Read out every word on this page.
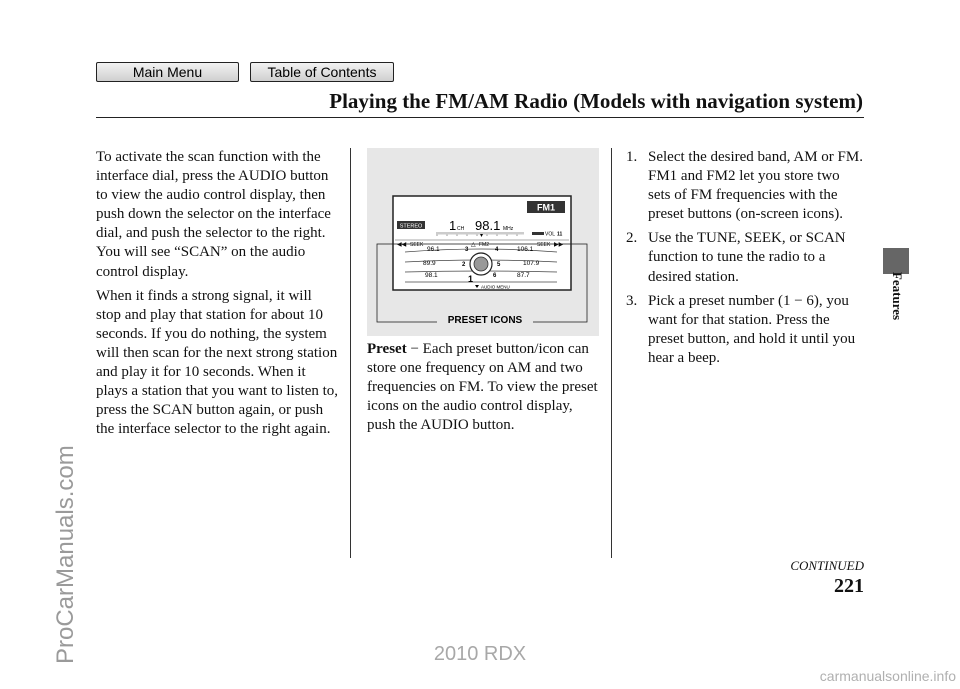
Main Menu	Table of Contents
Playing the FM/AM Radio (Models with navigation system)
Features
ProCarManuals.com

To activate the scan function with the interface dial, press the AUDIO button to view the audio control display, then push down the selector on the interface dial, and push the selector to the right. You will see “SCAN” on the audio control display.

When it finds a strong signal, it will stop and play that station for about 10 seconds. If you do nothing, the system will then scan for the next strong station and play it for 10 seconds. When it plays a station that you want to listen to, press the SCAN button again, or push the interface selector to the right again.

FM1
STEREO 1 CH 98.1 MHz
VOL 11
◀◀ SEEK	△ FM2	SEEK ▶▶
3
96.1	4	106.1
2
89.9	5	107.9
1
98.1	6	87.7
AUDIO MENU
PRESET ICONS

Preset − Each preset button/icon can store one frequency on AM and two frequencies on FM. To view the preset icons on the audio control display, push the AUDIO button.

1. Select the desired band, AM or FM. FM1 and FM2 let you store two sets of FM frequencies with the preset buttons (on-screen icons).
2. Use the TUNE, SEEK, or SCAN function to tune the radio to a desired station.
3. Pick a preset number (1 − 6), you want for that station. Press the preset button, and hold it until you hear a beep.
CONTINUED
221
2010 RDX
carmanualsonline.info
